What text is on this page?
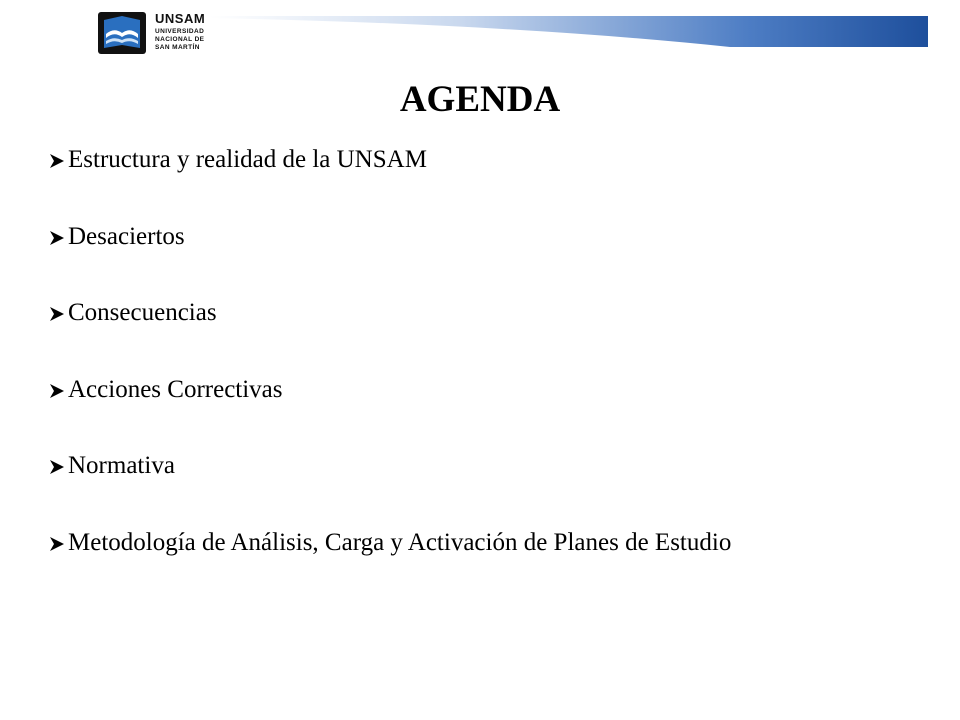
UNSAM
UNIVERSIDAD
NACIONAL DE
SAN MARTÍN
AGENDA
Estructura y realidad de la UNSAM
Desaciertos
Consecuencias
Acciones Correctivas
Normativa
Metodología de Análisis, Carga y Activación de Planes de Estudio
